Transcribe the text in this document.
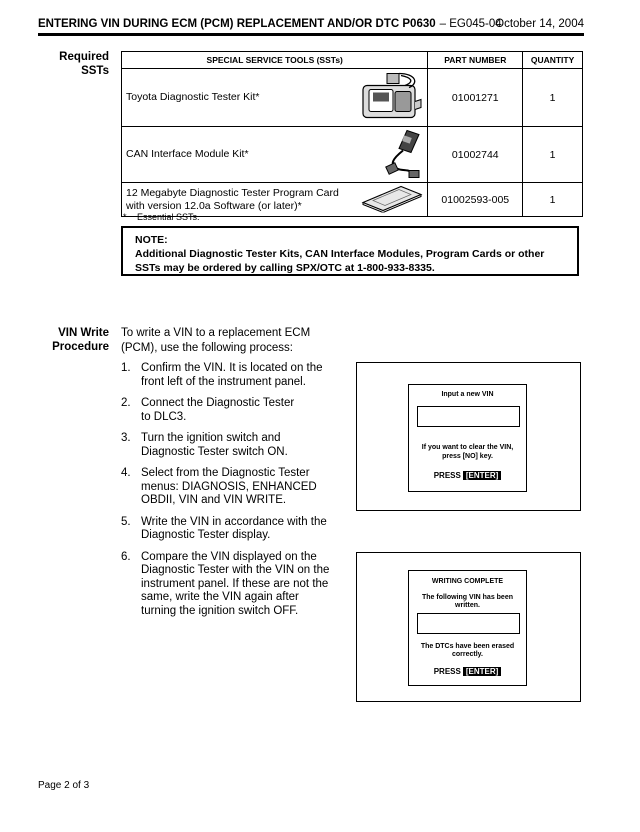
ENTERING VIN DURING ECM (PCM) REPLACEMENT AND/OR DTC P0630 – EG045-04
October 14, 2004
Required
SSTs
SPECIAL SERVICE TOOLS (SSTs)	PART NUMBER	QUANTITY

Toyota Diagnostic Tester Kit*	01001271	1

CAN Interface Module Kit*	01002744	1

12 Megabyte Diagnostic Tester Program Card
with version 12.0a Software (or later)*	01002593-005	1
* Essential SSTs.
NOTE:
Additional Diagnostic Tester Kits, CAN Interface Modules, Program Cards or other
SSTs may be ordered by calling SPX/OTC at 1-800-933-8335.
VIN Write
Procedure
To write a VIN to a replacement ECM
(PCM), use the following process:
1. Confirm the VIN. It is located on the
front left of the instrument panel.
2. Connect the Diagnostic Tester
to DLC3.
3. Turn the ignition switch and
Diagnostic Tester switch ON.
4. Select from the Diagnostic Tester
menus: DIAGNOSIS, ENHANCED
OBDII, VIN and VIN WRITE.
5. Write the VIN in accordance with the
Diagnostic Tester display.
6. Compare the VIN displayed on the
Diagnostic Tester with the VIN on the
instrument panel. If these are not the
same, write the VIN again after
turning the ignition switch OFF.
Input a new VIN
If you want to clear the VIN,
press [NO] key.
PRESS [ENTER]
WRITING COMPLETE
The following VIN has been
written.
The DTCs have been erased
correctly.
PRESS [ENTER]
Page 2 of 3
